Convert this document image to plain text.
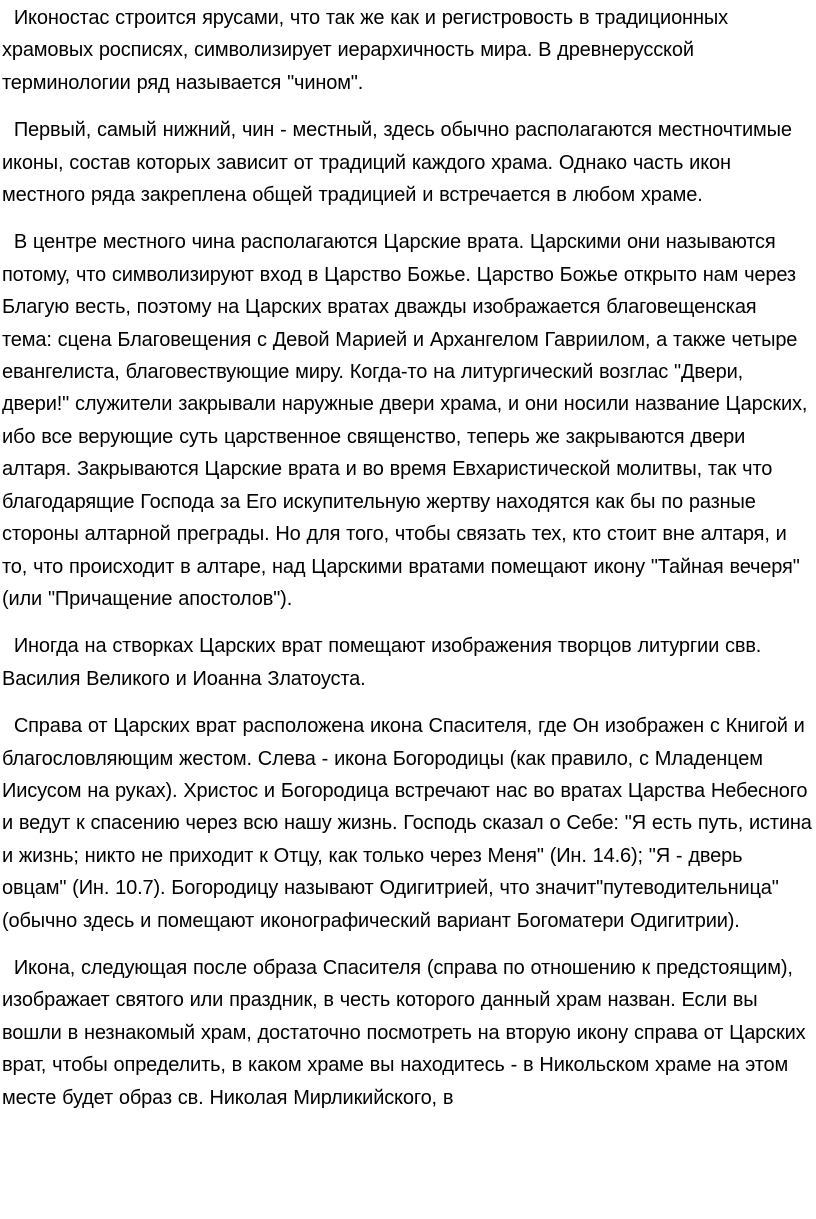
Иконостас строится ярусами, что так же как и регистровость в традиционных храмовых росписях, символизирует иерархичность мира. В древнерусской терминологии ряд называется "чином".

Первый, самый нижний, чин - местный, здесь обычно располагаются местночтимые иконы, состав которых зависит от традиций каждого храма. Однако часть икон местного ряда закреплена общей традицией и встречается в любом храме.

В центре местного чина располагаются Царские врата. Царскими они называются потому, что символизируют вход в Царство Божье. Царство Божье открыто нам через Благую весть, поэтому на Царских вратах дважды изображается благовещенская тема: сцена Благовещения с Девой Марией и Архангелом Гавриилом, а также четыре евангелиста, благовествующие миру. Когда-то на литургический возглас "Двери, двери!" служители закрывали наружные двери храма, и они носили название Царских, ибо все верующие суть царственное священство, теперь же закрываются двери алтаря. Закрываются Царские врата и во время Евхаристической молитвы, так что благодарящие Господа за Его искупительную жертву находятся как бы по разные стороны алтарной преграды. Но для того, чтобы связать тех, кто стоит вне алтаря, и то, что происходит в алтаре, над Царскими вратами помещают икону "Тайная вечеря" (или "Причащение апостолов").

Иногда на створках Царских врат помещают изображения творцов литургии свв. Василия Великого и Иоанна Златоуста.

Справа от Царских врат расположена икона Спасителя, где Он изображен с Книгой и благословляющим жестом. Слева - икона Богородицы (как правило, с Младенцем Иисусом на руках). Христос и Богородица встречают нас во вратах Царства Небесного и ведут к спасению через всю нашу жизнь. Господь сказал о Себе: "Я есть путь, истина и жизнь; никто не приходит к Отцу, как только через Меня" (Ин. 14.6); "Я - дверь овцам" (Ин. 10.7). Богородицу называют Одигитрией, что значит"путеводительница" (обычно здесь и помещают иконографический вариант Богоматери Одигитрии).

Икона, следующая после образа Спасителя (справа по отношению к предстоящим), изображает святого или праздник, в честь которого данный храм назван. Если вы вошли в незнакомый храм, достаточно посмотреть на вторую икону справа от Царских врат, чтобы определить, в каком храме вы находитесь - в Никольском храме на этом месте будет образ св. Николая Мирликийского, в
